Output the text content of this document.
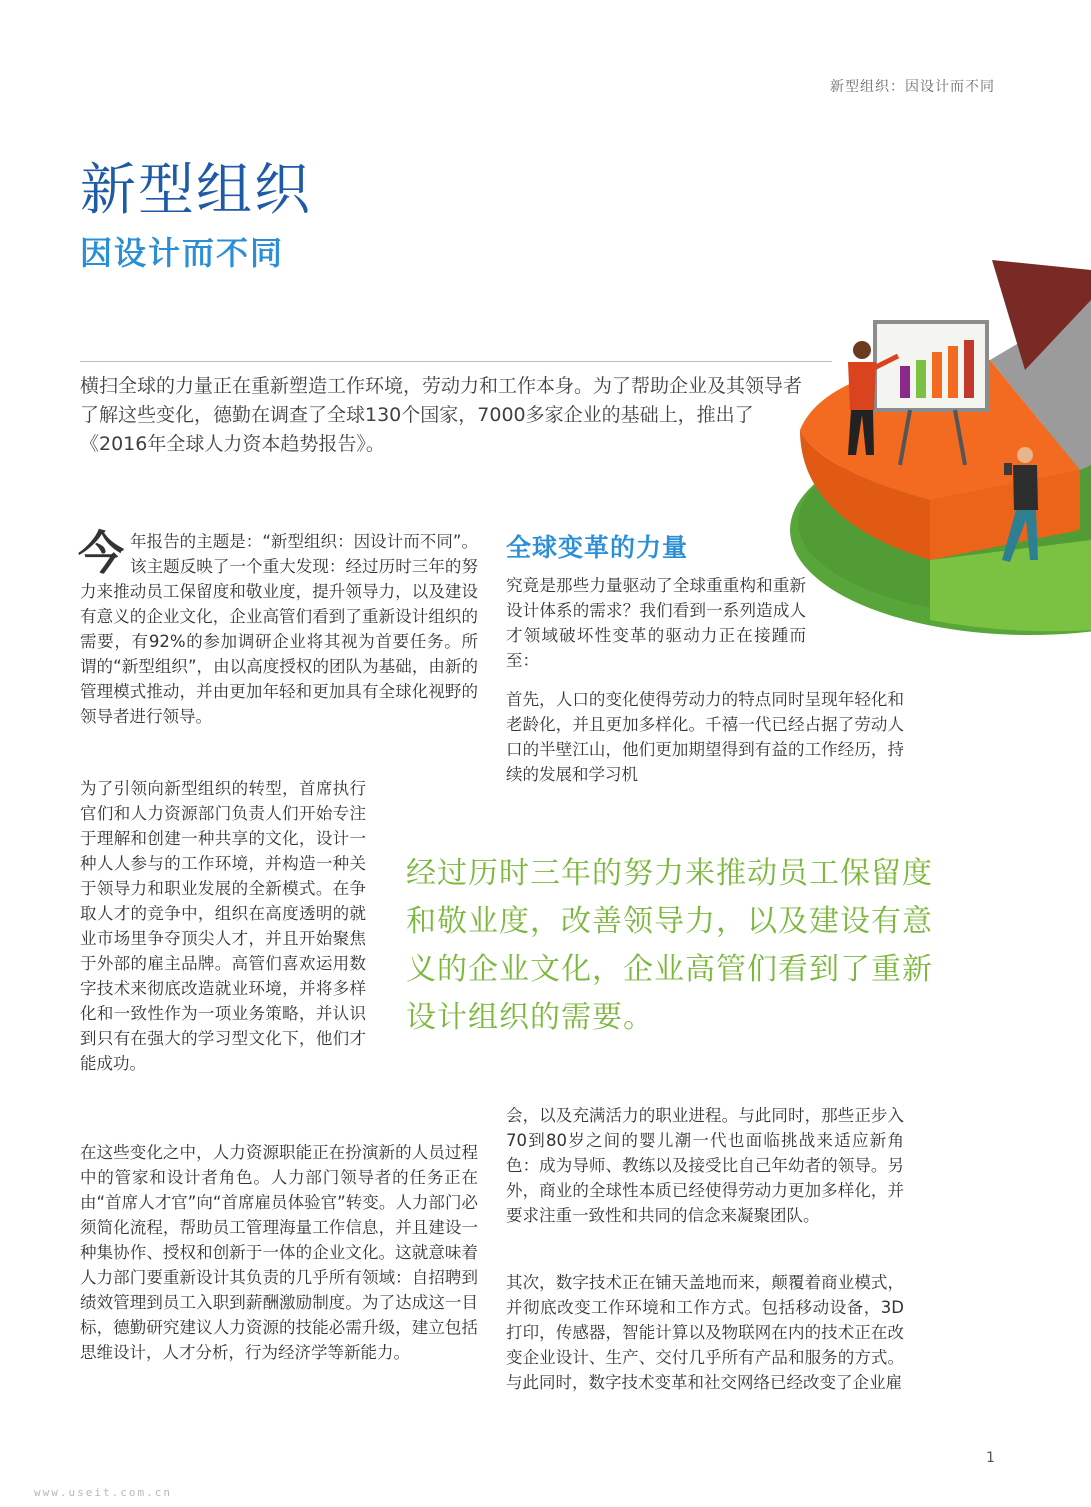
新型组织：因设计而不同
新型组织
因设计而不同

横扫全球的力量正在重新塑造工作环境，劳动力和工作本身。为了帮助企业及其领导者了解这些变化，德勤在调查了全球130个国家，7000多家企业的基础上，推出了《2016年全球人力资本趋势报告》。

今年报告的主题是：“新型组织：因设计而不同”。该主题反映了一个重大发现：经过历时三年的努力来推动员工保留度和敬业度，提升领导力，以及建设有意义的企业文化，企业高管们看到了重新设计组织的需要，有92%的参加调研企业将其视为首要任务。所谓的“新型组织”，由以高度授权的团队为基础，由新的管理模式推动，并由更加年轻和更加具有全球化视野的领导者进行领导。

为了引领向新型组织的转型，首席执行官们和人力资源部门负责人们开始专注于理解和创建一种共享的文化，设计一种人人参与的工作环境，并构造一种关于领导力和职业发展的全新模式。在争取人才的竞争中，组织在高度透明的就业市场里争夺顶尖人才，并且开始聚焦于外部的雇主品牌。高管们喜欢运用数字技术来彻底改造就业环境，并将多样化和一致性作为一项业务策略，并认识到只有在强大的学习型文化下，他们才能成功。

在这些变化之中，人力资源职能正在扮演新的人员过程中的管家和设计者角色。人力部门领导者的任务正在由“首席人才官”向“首席雇员体验官”转变。人力部门必须简化流程，帮助员工管理海量工作信息，并且建设一种集协作、授权和创新于一体的企业文化。这就意味着人力部门要重新设计其负责的几乎所有领域：自招聘到绩效管理到员工入职到薪酬激励制度。为了达成这一目标，德勤研究建议人力资源的技能必需升级，建立包括思维设计，人才分析，行为经济学等新能力。

全球变革的力量

究竟是那些力量驱动了全球重重构和重新设计体系的需求？我们看到一系列造成人才领域破坏性变革的驱动力正在接踵而至：

首先，人口的变化使得劳动力的特点同时呈现年轻化和老龄化，并且更加多样化。千禧一代已经占据了劳动人口的半壁江山，他们更加期望得到有益的工作经历，持续的发展和学习机

经过历时三年的努力来推动员工保留度和敬业度，改善领导力，以及建设有意义的企业文化，企业高管们看到了重新设计组织的需要。

会，以及充满活力的职业进程。与此同时，那些正步入70到80岁之间的婴儿潮一代也面临挑战来适应新角色：成为导师、教练以及接受比自己年幼者的领导。另外，商业的全球性本质已经使得劳动力更加多样化，并要求注重一致性和共同的信念来凝聚团队。

其次，数字技术正在铺天盖地而来，颠覆着商业模式，并彻底改变工作环境和工作方式。包括移动设备，3D打印，传感器，智能计算以及物联网在内的技术正在改变企业设计、生产、交付几乎所有产品和服务的方式。与此同时，数字技术变革和社交网络已经改变了企业雇

1
www.useit.com.cn
